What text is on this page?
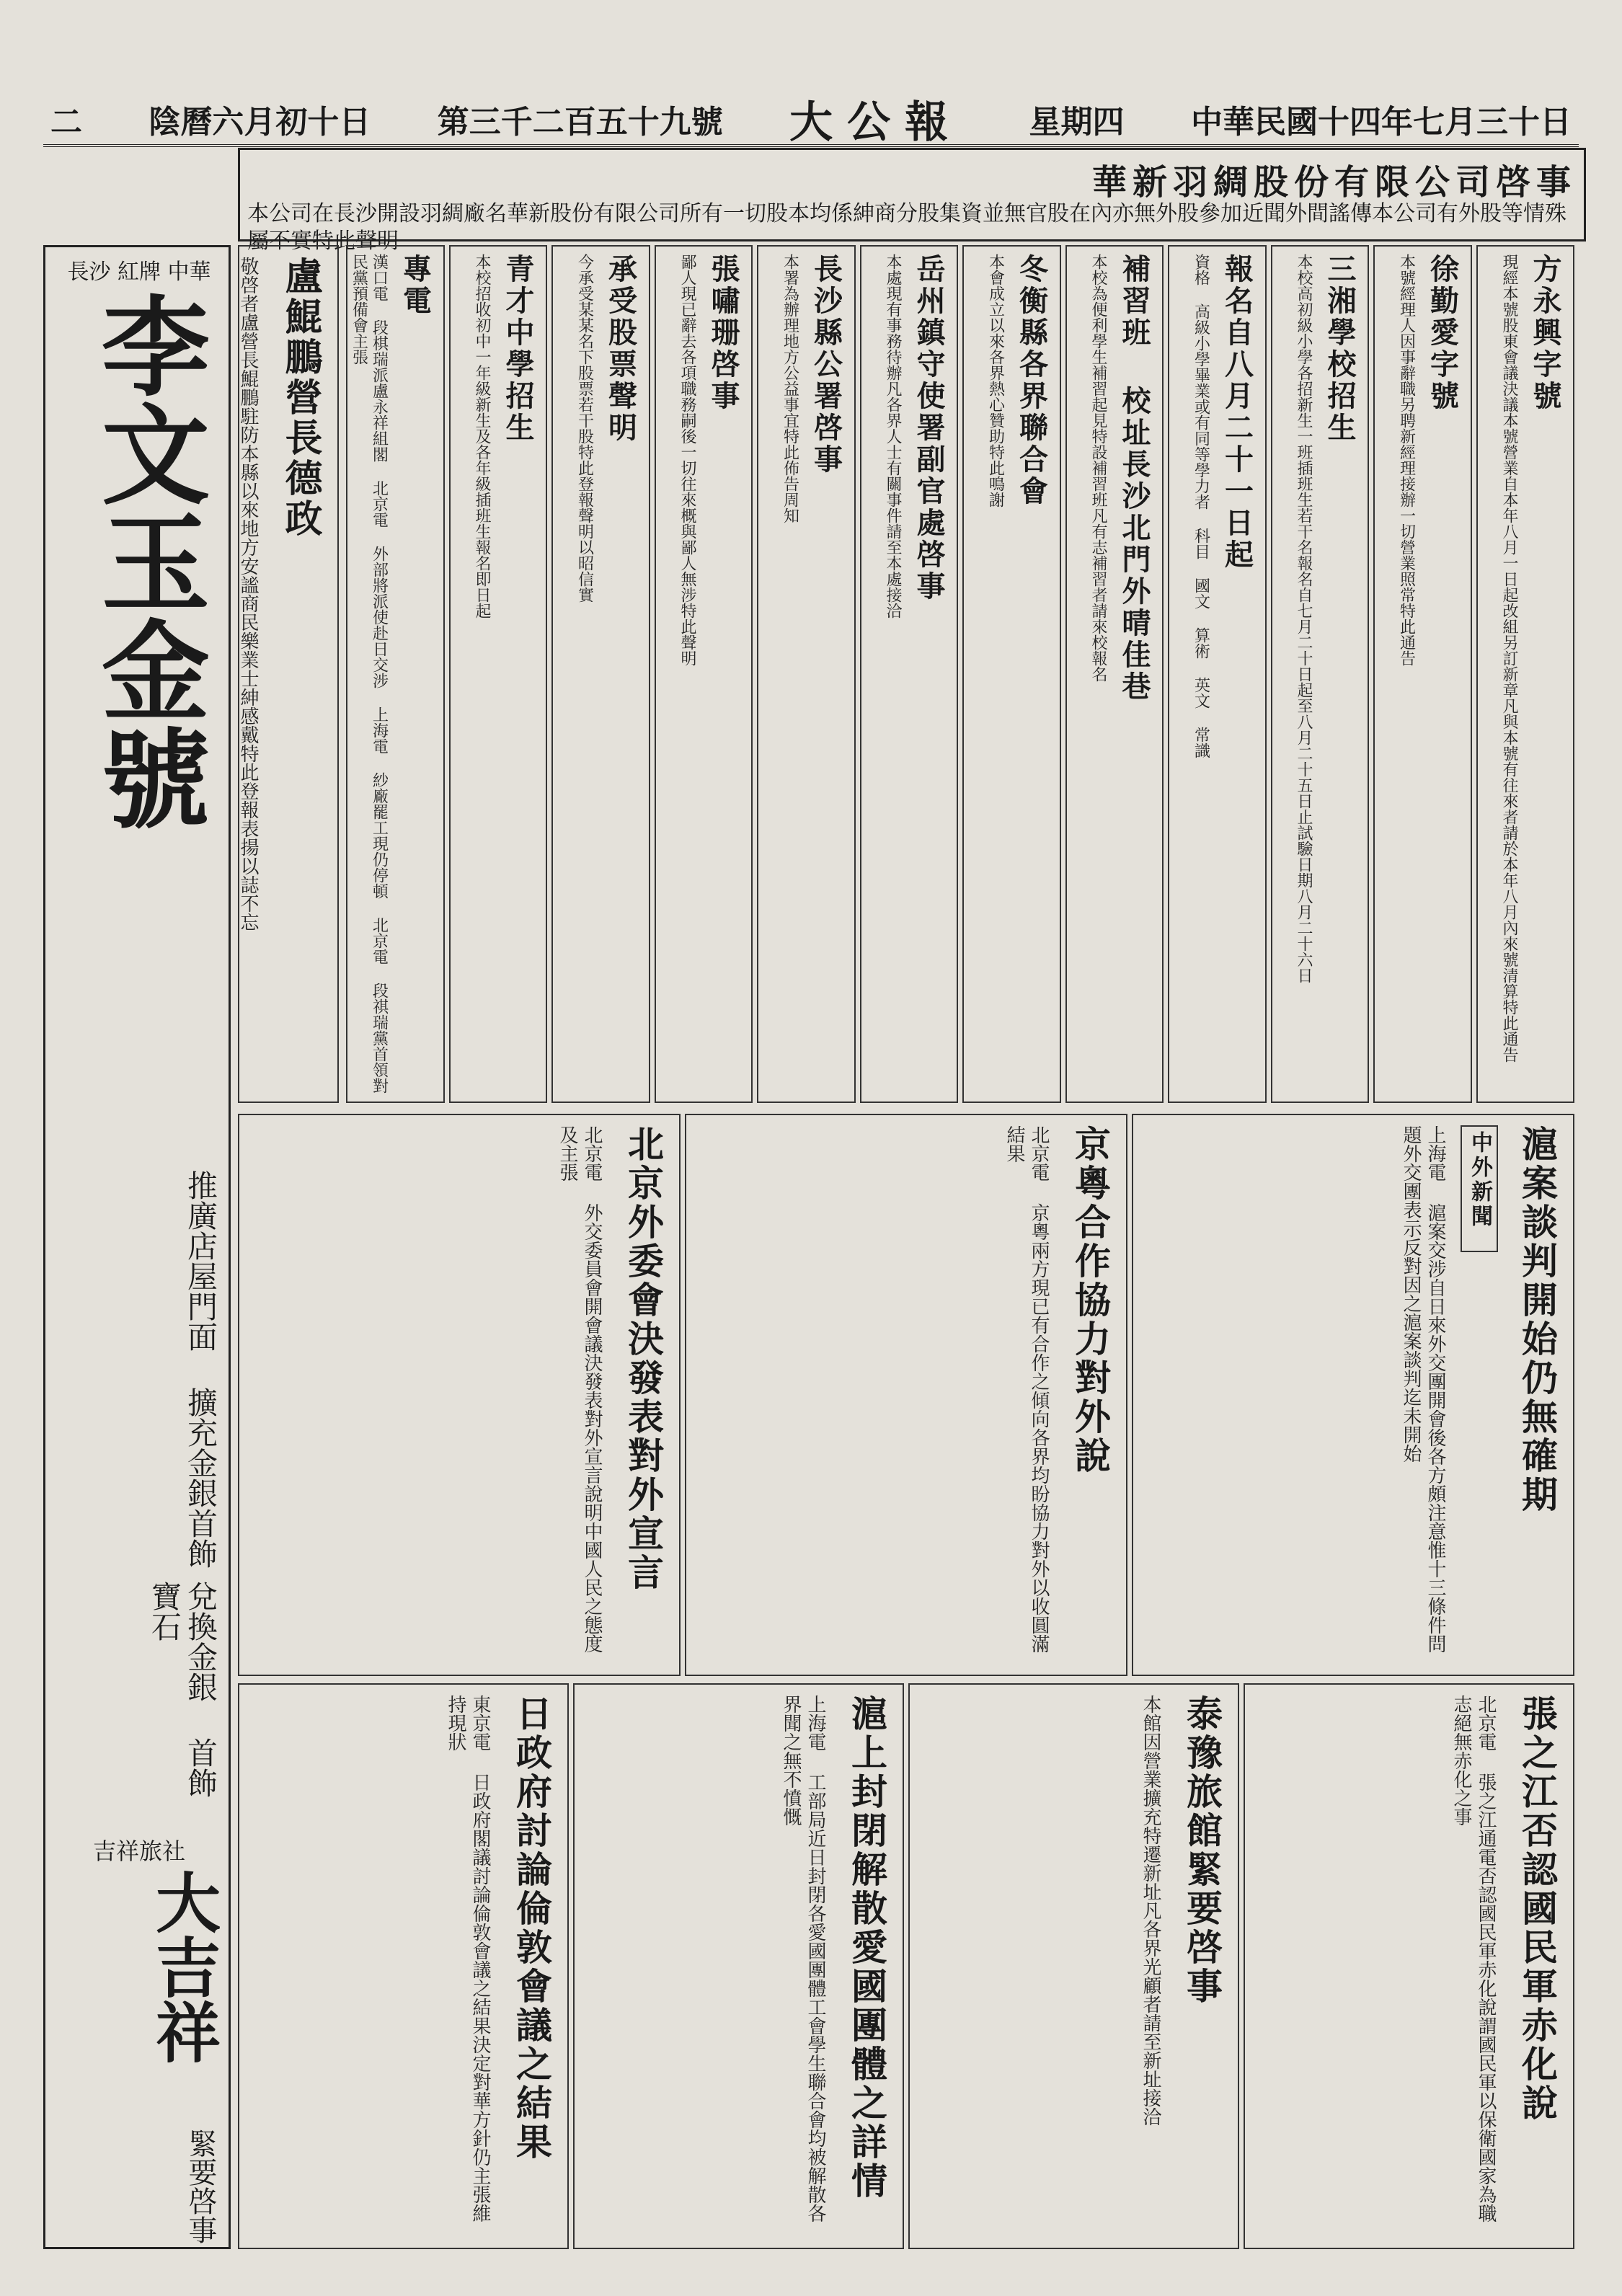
中華民國十四年七月三十日
星期四
大公報
第三千二百五十九號
陰曆六月初十日
二
華新羽綢股份有限公司啓事
本公司在長沙開設羽綢廠名華新股份有限公司所有一切股本均係紳商分股集資並無官股在內亦無外股參加近聞外間謠傳本公司有外股等情殊屬不實特此聲明
長沙 紅牌 中華
李文玉金號
推廣店屋門面 擴充金銀首飾
兌換金銀 首飾 寶石
吉祥旅社
大吉祥
緊要啓事
方永興字號
現經本號股東會議決議本號營業自本年八月一日起改組另訂新章凡與本號有往來者請於本年八月內來號清算特此通告
徐勤愛字號
本號經理人因事辭職另聘新經理接辦一切營業照常特此通告
三湘學校招生
本校高初級小學各招新生一班插班生若干名報名自七月二十日起至八月二十五日止試驗日期八月二十六日
報名自八月二十一日起
資格 高級小學畢業或有同等學力者 科目 國文 算術 英文 常識
補習班 校址長沙北門外晴佳巷
本校為便利學生補習起見特設補習班凡有志補習者請來校報名
冬衡縣各界聯合會
本會成立以來各界熱心贊助特此鳴謝
岳州鎮守使署副官處啓事
本處現有事務待辦凡各界人士有關事件請至本處接洽
長沙縣公署啓事
本署為辦理地方公益事宜特此佈告周知
張嘯珊啓事
鄙人現已辭去各項職務嗣後一切往來概與鄙人無涉特此聲明
承受股票聲明
今承受某某名下股票若干股特此登報聲明以昭信實
青才中學招生
本校招收初中一年級新生及各年級插班生報名即日起
專電
漢口電 段棋瑞派盧永祥組閣 北京電 外部將派使赴日交涉 上海電 紗廠罷工現仍停頓 北京電 段祺瑞黨首領對民黨預備會主張
盧鯤鵬營長德政
敬啓者盧營長鯤鵬駐防本縣以來地方安謐商民樂業士紳感戴特此登報表揚以誌不忘
滬案談判開始仍無確期
中外新聞
上海電 滬案交涉自日來外交團開會後各方頗注意惟十三條件問題外交團表示反對因之滬案談判迄未開始
京粵合作協力對外說
北京電 京粵兩方現已有合作之傾向各界均盼協力對外以收圓滿結果
北京外委會決發表對外宣言
北京電 外交委員會開會議決發表對外宣言說明中國人民之態度及主張
張之江否認國民軍赤化說
北京電 張之江通電否認國民軍赤化說謂國民軍以保衛國家為職志絕無赤化之事
泰豫旅館緊要啓事
本館因營業擴充特遷新址凡各界光顧者請至新址接洽
滬上封閉解散愛國團體之詳情
上海電 工部局近日封閉各愛國團體工會學生聯合會均被解散各界聞之無不憤慨
日政府討論倫敦會議之結果
東京電 日政府閣議討論倫敦會議之結果決定對華方針仍主張維持現狀
